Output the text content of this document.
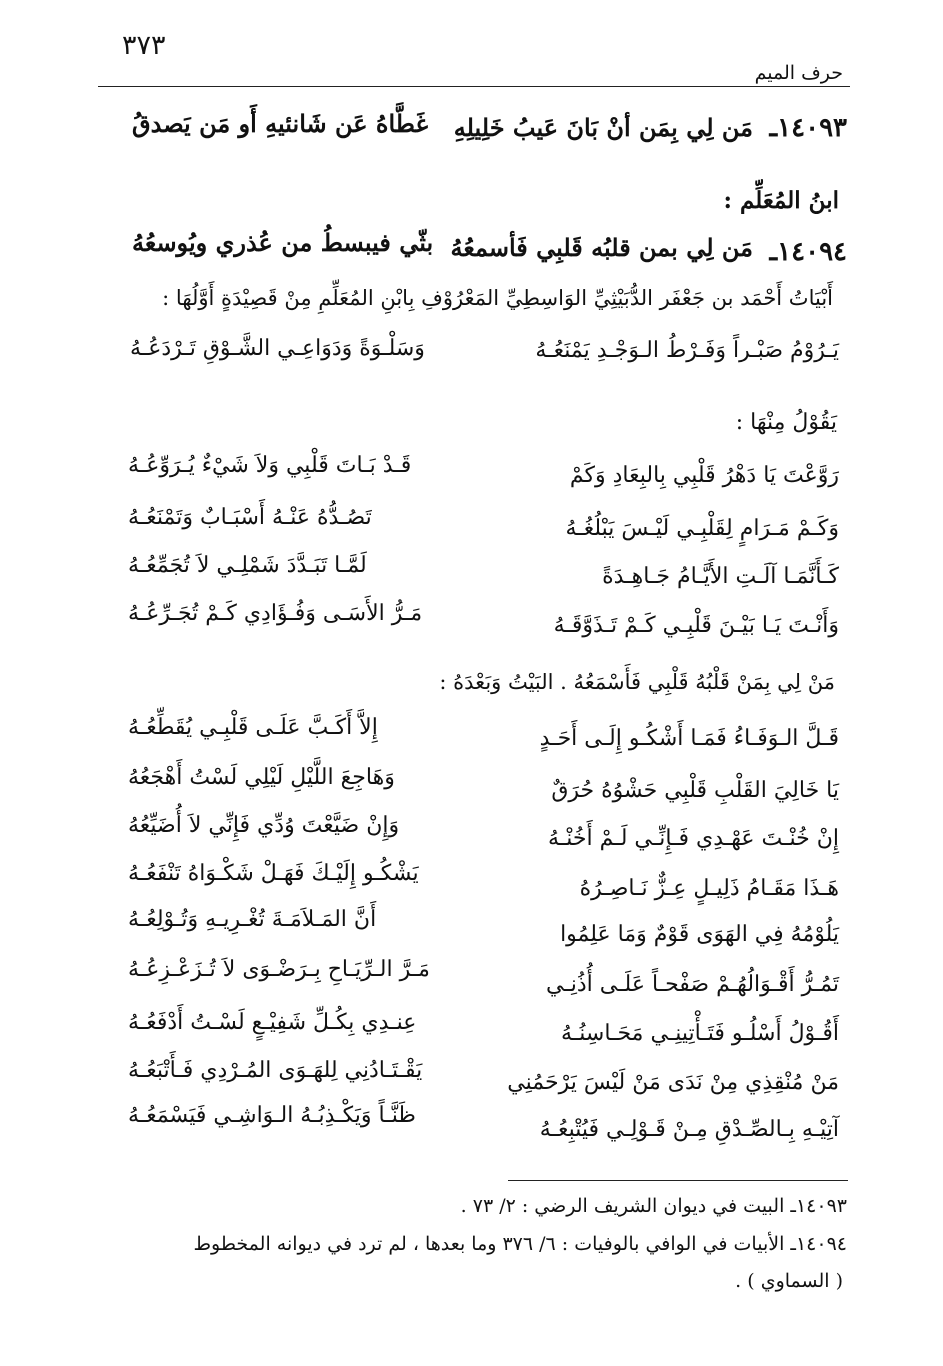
٣٧٣
حرف الميم
١٤٠٩٣ـ
مَن لِي بِمَن أنْ بَانَ عَيبُ خَلِيلِهِ
غَطَّاهُ عَن شَانئيهِ أَو مَن يَصدقُ
ابنُ المُعَلِّم :
١٤٠٩٤ـ
مَن لِي بمن قلبُه قَلبِي فَأسمعُهُ
بثّي فيبسطُ من عُذري ويُوسعُهُ
أَبْيَاتُ أَحْمَد بن جَعْفَر الدُّبَيْثِيِّ الوَاسِطِيِّ المَعْرُوْفِ بِابْنِ المُعَلِّمِ مِنْ قَصِيْدَةٍ أَوَّلُهَا :
يَـرُوْمُ صَبْـراً وَفَـرْطُ الـوَجْـدِ يَمْنَعُـهُ
وَسَلْـوَةً وَدَوَاعِـي الشَّـوْقِ تَـرْدَعُـهُ
يَقُوْلُ مِنْهَا :
رَوَّعْتَ يَا دَهْرُ قَلْبِي بِالبِعَادِ وَكَمْ
قَـدْ بَـاتَ قَلْبِي وَلاَ شَيْءٌ يُـرَوِّعُـهُ
وَكَـمْ مَـرَامٍ لِقَلْبِـي لَيْـسَ يَبْلُغُـهُ
تَصُـدُّهُ عَنْـهُ أَسْبَـابٌ وَتَمْنَعُـهُ
كَـأَنَّمَـا آلَـتِ الأَيَّـامُ جَـاهِـدَةً
لَمَّـا تَبَـدَّدَ شَمْلِـي لاَ تُجَمِّعُـهُ
وَأَنْـتَ يَـا بَيْـنَ قَلْبِـي كَـمْ تَـذَوَّقَـهُ
مَـرُّ الأَسَـى وَفُـؤَادِي كَـمْ تُجَـرِّعُـهُ
مَنْ لِي بِمَنْ قَلْبُهُ قَلْبِي فَأَسْمَعُهُ . البَيْتُ وَبَعْدَهُ :
قَـلَّ الـوَفَـاءُ فَمَـا أَشْكُـو إِلَـى أَحَـدٍ
إِلاَّ أَكَـبَّ عَلَـى قَلْبِـي يُقَطِّعُـهُ
يَا خَالِيَ القَلْبِ قَلْبِي حَشْوُهُ حُرَقٌ
وَهَاجِعَ اللَّيْلِ لَيْلِي لَسْتُ أَهْجَعُهُ
إِنْ خُنْـتَ عَهْـدِي فَـإِنِّـي لَـمْ أَخُنْـهُ
وَإِنْ ضَيَّعْتَ وُدِّي فَإِنِّي لاَ أُضَيِّعُهُ
هَـذَا مَقَـامُ ذَلِيـلٍ عِـزٌّ نَـاصِـرُهُ
يَشْكُـو إِلَيْـكَ فَهَـلْ شَكْـوَاهُ تَنْفَعُـهُ
يَلُوْمُهُ فِي الهَوَى قَوْمٌ وَمَا عَلِمُوا
أَنَّ المَـلاَمَـةَ تُغْـرِيـهِ وَتُـوْلِعُـهُ
تَمُـرُّ أَقْـوَالُهُـمْ صَفْحـاً عَلَـى أُذُنِـي
مَـرَّ الـرِّيَـاحِ بِـرَضْـوَى لاَ تُـزَعْـزِعُـهُ
أَقُـوْلُ أَسْلُـو فَتَـأْتِينِـي مَحَـاسِنُـهُ
عِنـدِي بِكُـلِّ شَفِيْـعٍ لَسْـتُ أَدْفَعُـهُ
مَنْ مُنْقِذِي مِنْ نَدَى مَنْ لَيْسَ يَرْحَمُنِي
يَقْـتَـادُنِي لِلهَـوَى المُـرْدِي فَـأَتْبَعُـهُ
آتِيْـهِ بِـالصِّـدْقِ مِـنْ قَـوْلِـي فَيُتْبِعُـهُ
ظَنَّـاً وَيَكْـذِبُـهُ الـوَاشِـي فَيَسْمَعُـهُ
١٤٠٩٣ـ البيت في ديوان الشريف الرضي : ٢/ ٧٣ .
١٤٠٩٤ـ الأبيات في الوافي بالوفيات : ٦/ ٣٧٦ وما بعدها ، لم ترد في ديوانه المخطوط
( السماوي ) .
